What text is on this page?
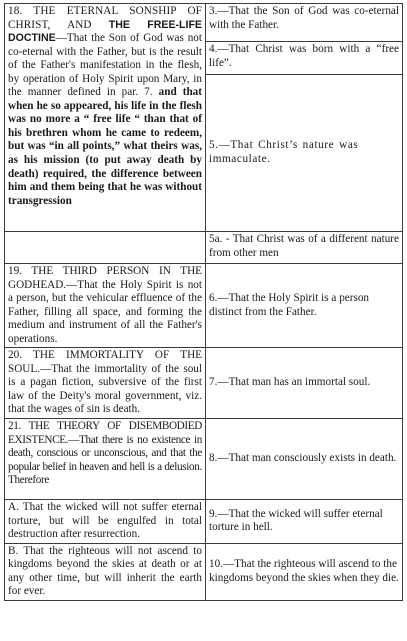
18. THE ETERNAL SONSHIP OF CHRIST, AND THE FREE-LIFE DOCTINE—That the Son of God was not co-eternal with the Father, but is the result of the Father's manifestation in the flesh, by operation of Holy Spirit upon Mary, in the manner defined in par. 7. and that when he so appeared, his life in the flesh was no more a “ free life “ than that of his brethren whom he came to redeem, but was “in all points,” what theirs was, as his mission (to put away death by death) required, the difference between him and them being that he was without transgression	3.—That the Son of God was co-eternal with the Father.
	4.—That Christ was born with a “free life”.
	5.—That Christ’s nature was immaculate.
	5a. - That Christ was of a different nature from other men
19. THE THIRD PERSON IN THE GODHEAD.—That the Holy Spirit is not a person, but the vehicular effluence of the Father, filling all space, and forming the medium and instrument of all the Father's operations.	6.—That the Holy Spirit is a person distinct from the Father.
20. THE IMMORTALITY OF THE SOUL.—That the immortality of the soul is a pagan fiction, subversive of the first law of the Deity's moral government, viz. that the wages of sin is death.	7.—That man has an immortal soul.
21. THE THEORY OF DISEMBODIED EXISTENCE.—That there is no existence in death, conscious or unconscious, and that the popular belief in heaven and hell is a delusion. Therefore	8.—That man consciously exists in death.
A. That the wicked will not suffer eternal torture, but will be engulfed in total destruction after resurrection.	9.—That the wicked will suffer eternal torture in hell.
B. That the righteous will not ascend to kingdoms beyond the skies at death or at any other time, but will inherit the earth for ever.	10.—That the righteous will ascend to the kingdoms beyond the skies when they die.
